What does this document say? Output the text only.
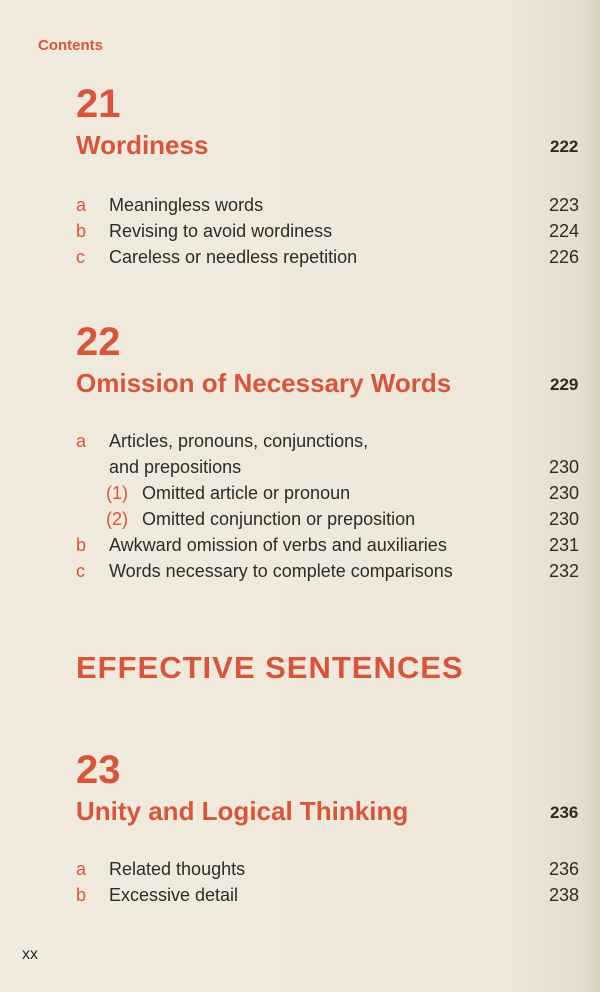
Contents
21
Wordiness	222
a Meaningless words	223
b Revising to avoid wordiness	224
c Careless or needless repetition	226
22
Omission of Necessary Words	229
a Articles, pronouns, conjunctions,
and prepositions	230
(1) Omitted article or pronoun	230
(2) Omitted conjunction or preposition	230
b Awkward omission of verbs and auxiliaries	231
c Words necessary to complete comparisons	232
EFFECTIVE SENTENCES
23
Unity and Logical Thinking	236
a Related thoughts	236
b Excessive detail	238
xx
